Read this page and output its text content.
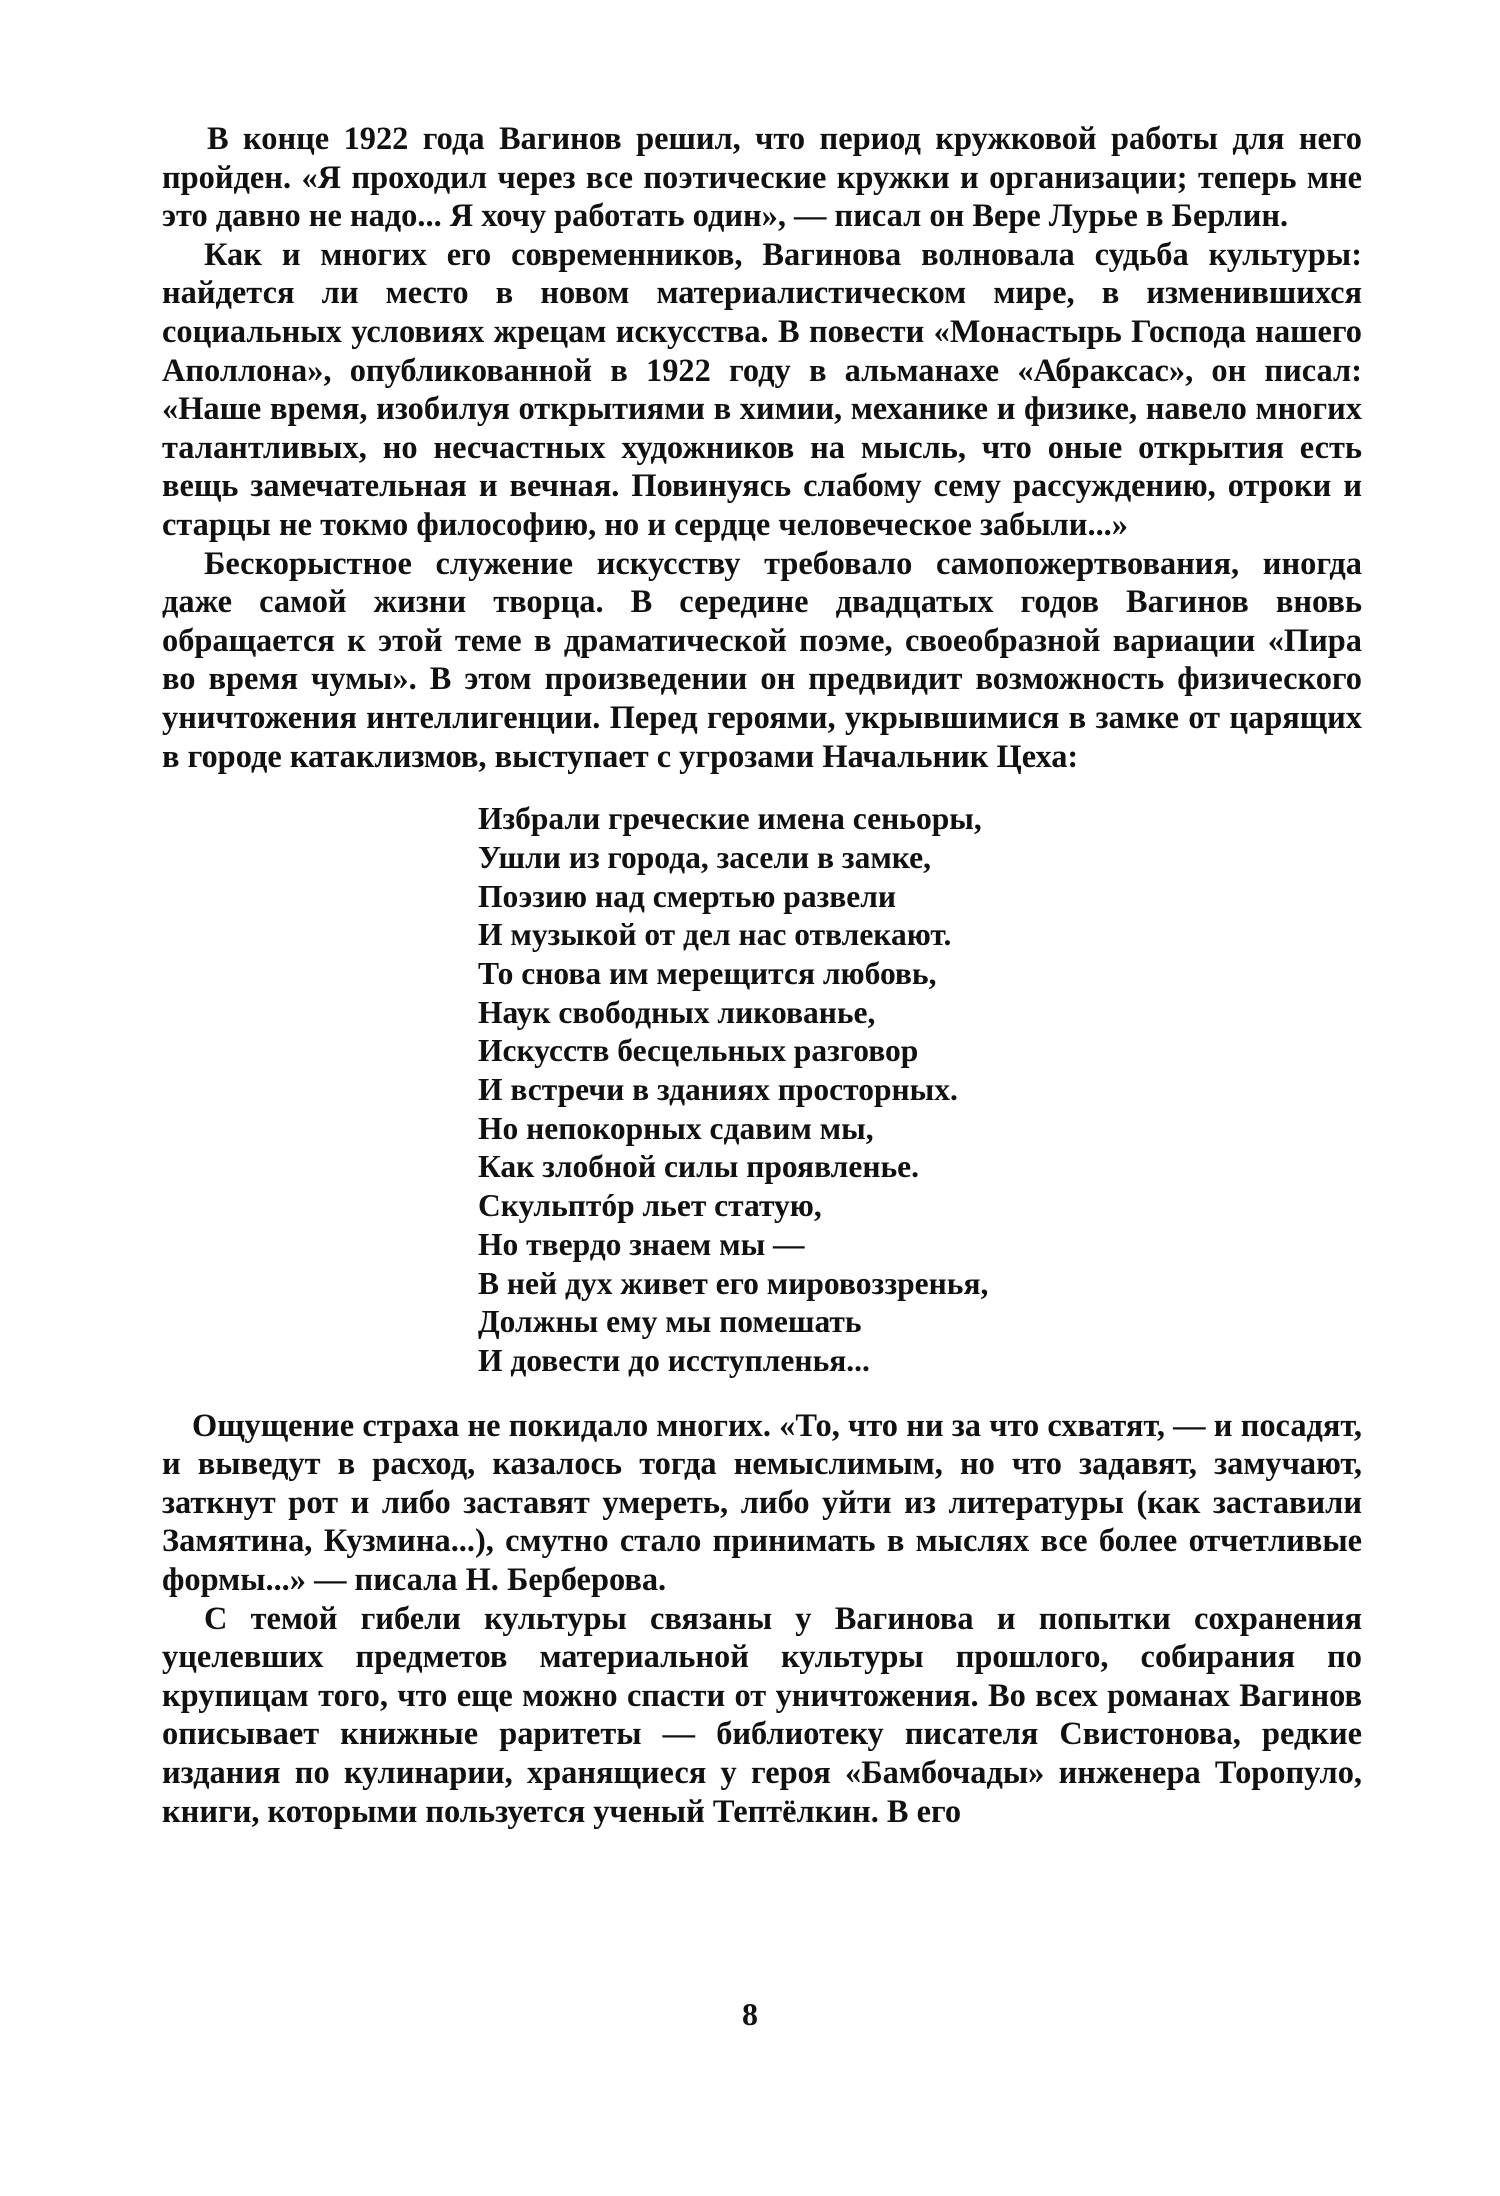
В конце 1922 года Вагинов решил, что период кружковой работы для него пройден. «Я проходил через все поэтические кружки и организации; теперь мне это давно не надо... Я хочу работать один», — писал он Вере Лурье в Берлин.

Как и многих его современников, Вагинова волновала судьба культуры: найдется ли место в новом материалистическом мире, в изменившихся социальных условиях жрецам искусства. В повести «Монастырь Господа нашего Аполлона», опубликованной в 1922 году в альманахе «Абраксас», он писал: «Наше время, изобилуя открытиями в химии, механике и физике, навело многих талантливых, но несчастных художников на мысль, что оные открытия есть вещь замечательная и вечная. Повинуясь слабому сему рассуждению, отроки и старцы не токмо философию, но и сердце человеческое забыли...»

Бескорыстное служение искусству требовало самопожертвования, иногда даже самой жизни творца. В середине двадцатых годов Вагинов вновь обращается к этой теме в драматической поэме, своеобразной вариации «Пира во время чумы». В этом произведении он предвидит возможность физического уничтожения интеллигенции. Перед героями, укрывшимися в замке от царящих в городе катаклизмов, выступает с угрозами Начальник Цеха:

Избрали греческие имена сеньоры,
Ушли из города, засели в замке,
Поэзию над смертью развели
И музыкой от дел нас отвлекают.
То снова им мерещится любовь,
Наук свободных ликованье,
Искусств бесцельных разговор
И встречи в зданиях просторных.
Но непокорных сдавим мы,
Как злобной силы проявленье.
Скульптóр льет статую,
Но твердо знаем мы —
В ней дух живет его мировоззренья,
Должны ему мы помешать
И довести до исступленья...

Ощущение страха не покидало многих. «То, что ни за что схватят, — и посадят, и выведут в расход, казалось тогда немыслимым, но что задавят, замучают, заткнут рот и либо заставят умереть, либо уйти из литературы (как заставили Замятина, Кузмина...), смутно стало принимать в мыслях все более отчетливые формы...» — писала Н. Берберова.

С темой гибели культуры связаны у Вагинова и попытки сохранения уцелевших предметов материальной культуры прошлого, собирания по крупицам того, что еще можно спасти от уничтожения. Во всех романах Вагинов описывает книжные раритеты — библиотеку писателя Свистонова, редкие издания по кулинарии, хранящиеся у героя «Бамбочады» инженера Торопуло, книги, которыми пользуется ученый Тептёлкин. В его

8
